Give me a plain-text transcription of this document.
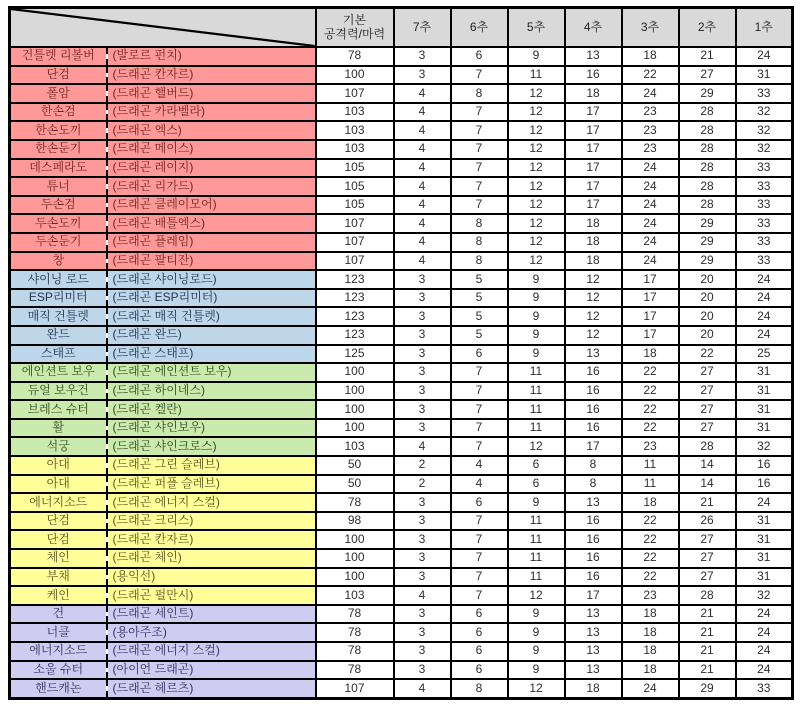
기본
공격력/마력	7추	6추	5추	4추	3추	2추	1추
건틀렛 리볼버	(발로르 펀치)	78	3	6	9	13	18	21	24
단검	(드래곤 칸자르)	100	3	7	11	16	22	27	31
폴암	(드래곤 핼버드)	107	4	8	12	18	24	29	33
한손검	(드래곤 카라벨라)	103	4	7	12	17	23	28	32
한손도끼	(드래곤 엑스)	103	4	7	12	17	23	28	32
한손둔기	(드래곤 메이스)	103	4	7	12	17	23	28	32
데스페라도	(드래곤 레이지)	105	4	7	12	17	24	28	33
튜너	(드래곤 리가드)	105	4	7	12	17	24	28	33
두손검	(드래곤 클레이모어)	105	4	7	12	17	24	28	33
두손도끼	(드래곤 배틀엑스)	107	4	8	12	18	24	29	33
두손둔기	(드래곤 플레임)	107	4	8	12	18	24	29	33
창	(드래곤 팔티잔)	107	4	8	12	18	24	29	33
샤이닝 로드	(드래곤 샤이닝로드)	123	3	5	9	12	17	20	24
ESP리미터	(드래곤 ESP리미터)	123	3	5	9	12	17	20	24
매직 건틀렛	(드래곤 매직 건틀렛)	123	3	5	9	12	17	20	24
완드	(드래곤 완드)	123	3	5	9	12	17	20	24
스태프	(드래곤 스태프)	125	3	6	9	13	18	22	25
에인션트 보우	(드래곤 에인션트 보우)	100	3	7	11	16	22	27	31
듀얼 보우건	(드래곤 하이네스)	100	3	7	11	16	22	27	31
브레스 슈터	(드래곤 켈란)	100	3	7	11	16	22	27	31
활	(드래곤 샤인보우)	100	3	7	11	16	22	27	31
석궁	(드래곤 샤인크로스)	103	4	7	12	17	23	28	32
아대	(드래곤 그린 슬레브)	50	2	4	6	8	11	14	16
아대	(드래곤 퍼플 슬레브)	50	2	4	6	8	11	14	16
에너지소드	(드래곤 에너지 스컬)	78	3	6	9	13	18	21	24
단검	(드래곤 크리스)	98	3	7	11	16	22	26	31
단검	(드래곤 칸자르)	100	3	7	11	16	22	27	31
체인	(드래곤 체인)	100	3	7	11	16	22	27	31
부채	(용익선)	100	3	7	11	16	22	27	31
케인	(드래곤 펄만시)	103	4	7	12	17	23	28	32
건	(드래곤 세인트)	78	3	6	9	13	18	21	24
너클	(용아주조)	78	3	6	9	13	18	21	24
에너지소드	(드래곤 에너지 스컬)	78	3	6	9	13	18	21	24
소울 슈터	(아이언 드래곤)	78	3	6	9	13	18	21	24
핸드캐논	(드래곤 헤르츠)	107	4	8	12	18	24	29	33
